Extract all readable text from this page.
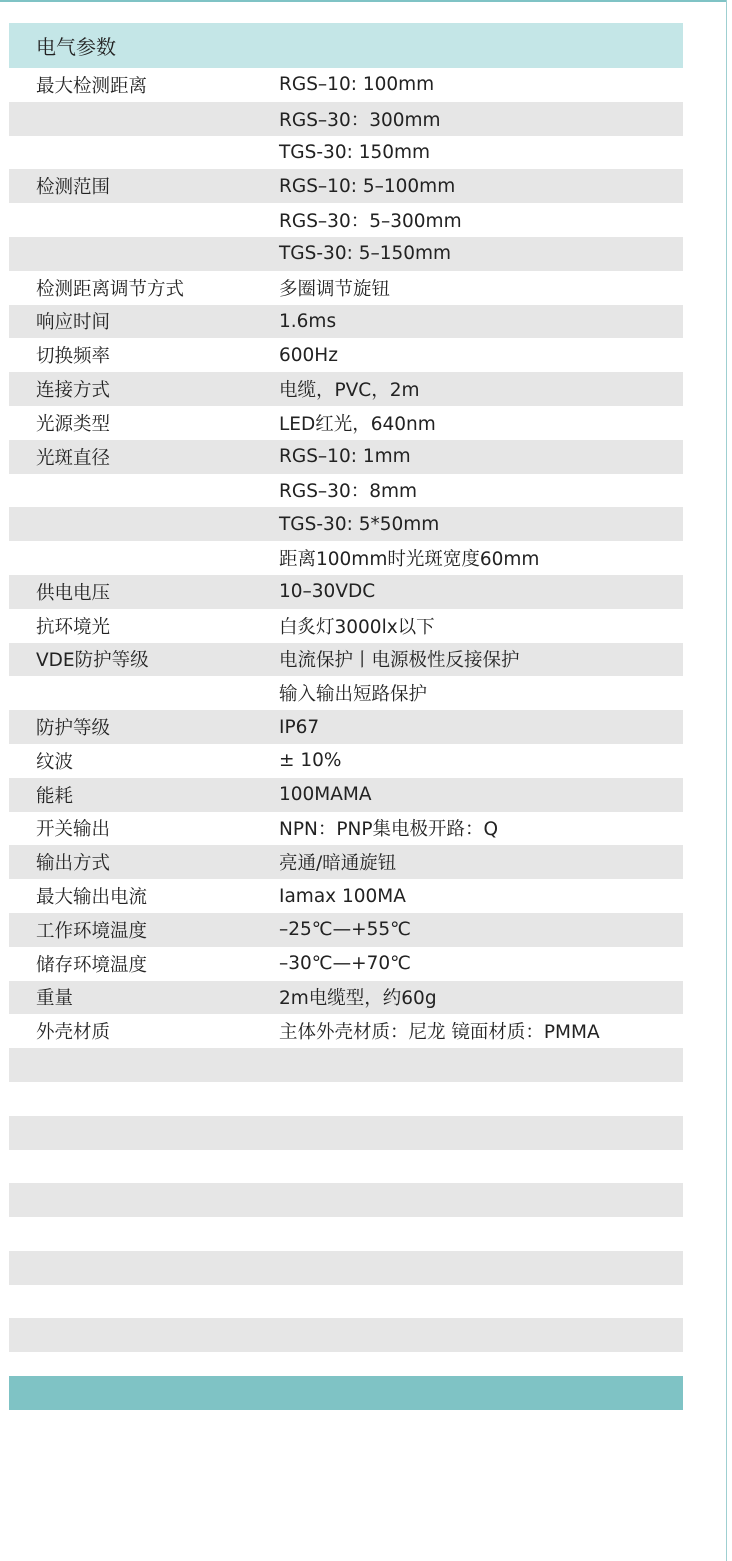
电气参数
最大检测距离	RGS–10: 100mm
RGS–30：300mm
TGS-30: 150mm
检测范围	RGS–10: 5–100mm
RGS–30：5–300mm
TGS-30: 5–150mm
检测距离调节方式	多圈调节旋钮
响应时间	1.6ms
切换频率	600Hz
连接方式	电缆，PVC，2m
光源类型	LED红光，640nm
光斑直径	RGS–10: 1mm
RGS–30：8mm
TGS-30: 5*50mm
距离100mm时光斑宽度60mm
供电电压	10–30VDC
抗环境光	白炙灯3000lx以下
VDE防护等级	电流保护丨电源极性反接保护
输入输出短路保护
防护等级	IP67
纹波	± 10%
能耗	100MAMA
开关输出	NPN：PNP集电极开路：Q
输出方式	亮通/暗通旋钮
最大输出电流	Iamax 100MA
工作环境温度	–25℃—+55℃
储存环境温度	–30℃—+70℃
重量	2m电缆型，约60g
外壳材质	主体外壳材质：尼龙 镜面材质：PMMA
